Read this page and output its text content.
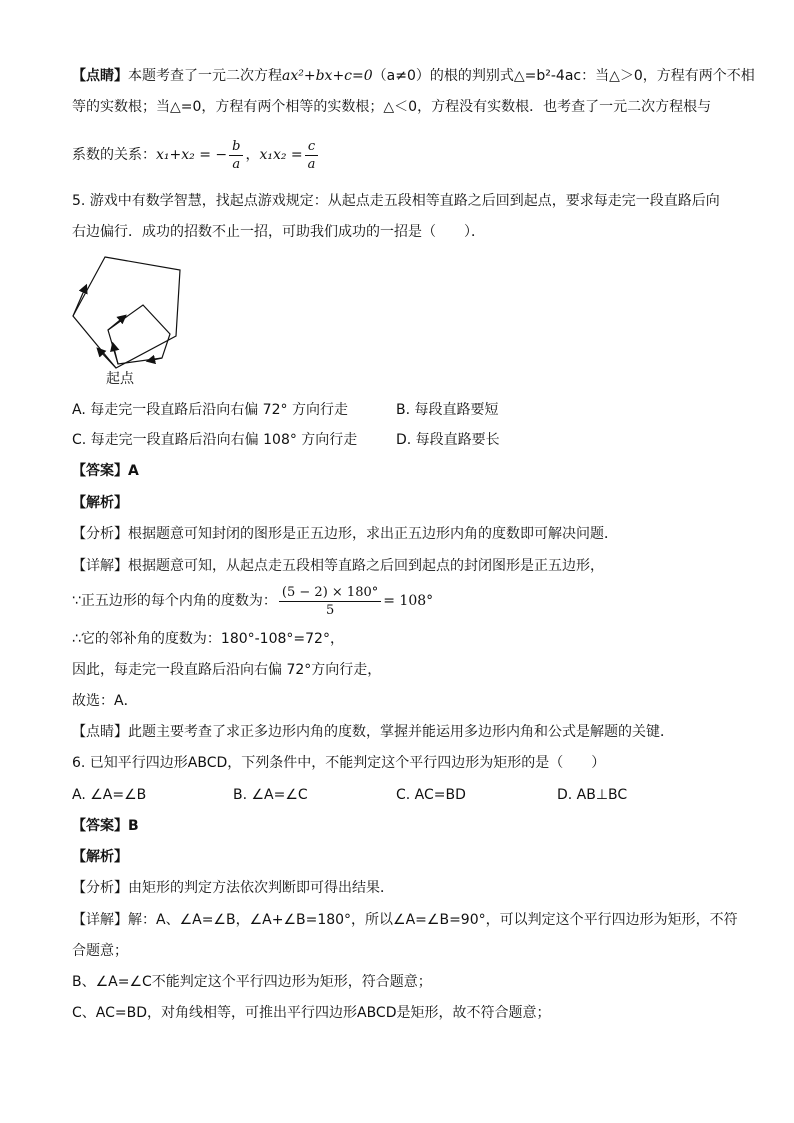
【点睛】本题考查了一元二次方程ax²+bx+c=0（a≠0）的根的判别式△=b²-4ac：当△＞0，方程有两个不相
等的实数根；当△=0，方程有两个相等的实数根；△＜0，方程没有实数根．也考查了一元二次方程根与
系数的关系：x₁+x₂ = − $\frac{b}{a}$ ，$x_1x_2 = \frac{c}{a}$
5. 游戏中有数学智慧，找起点游戏规定：从起点走五段相等直路之后回到起点，要求每走完一段直路后向
右边偏行．成功的招数不止一招，可助我们成功的一招是（　　）．
起点
A. 每走完一段直路后沿向右偏 72° 方向行走	B. 每段直路要短
C. 每走完一段直路后沿向右偏 108° 方向行走	D. 每段直路要长
【答案】A
【解析】
【分析】根据题意可知封闭的图形是正五边形，求出正五边形内角的度数即可解决问题．
【详解】根据题意可知，从起点走五段相等直路之后回到起点的封闭图形是正五边形，
∵正五边形的每个内角的度数为： $\frac{(5 - 2) \times 180^\circ}{5} = 108^\circ$
∴它的邻补角的度数为：180°-108°=72°，
因此，每走完一段直路后沿向右偏 72°方向行走，
故选：A．
【点睛】此题主要考查了求正多边形内角的度数，掌握并能运用多边形内角和公式是解题的关键．
6. 已知平行四边形ABCD，下列条件中，不能判定这个平行四边形为矩形的是（　　）
A. ∠A=∠B	B. ∠A=∠C	C. AC=BD	D. AB⊥BC
【答案】B
【解析】
【分析】由矩形的判定方法依次判断即可得出结果．
【详解】解：A、∠A=∠B，∠A+∠B=180°，所以∠A=∠B=90°，可以判定这个平行四边形为矩形，不符
合题意；
B、∠A=∠C不能判定这个平行四边形为矩形，符合题意；
C、AC=BD，对角线相等，可推出平行四边形ABCD是矩形，故不符合题意；
